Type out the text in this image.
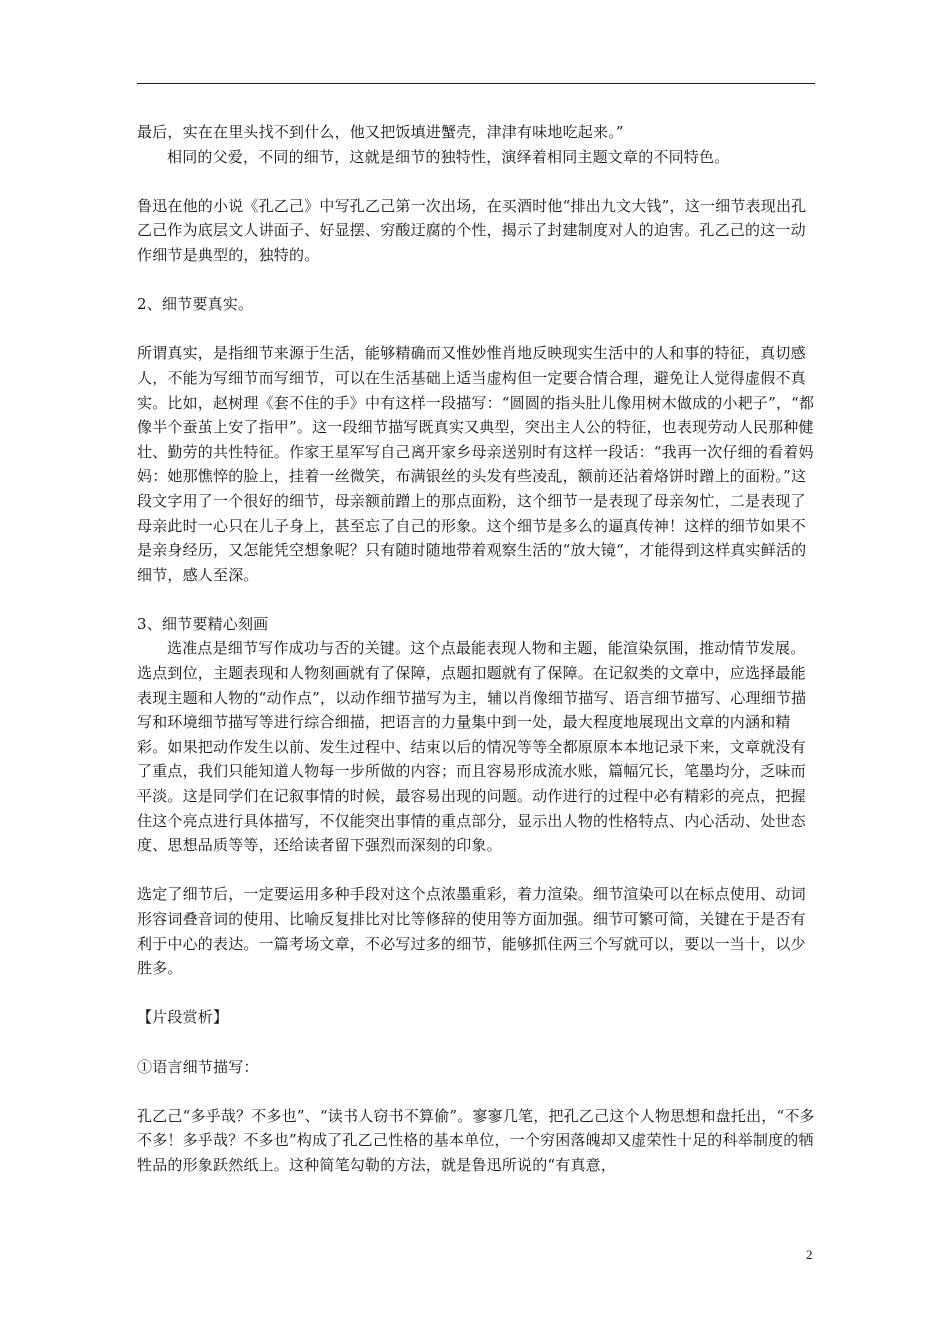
最后，实在在里头找不到什么，他又把饭填进蟹壳，津津有味地吃起来。”

相同的父爱，不同的细节，这就是细节的独特性，演绎着相同主题文章的不同特色。

鲁迅在他的小说《孔乙己》中写孔乙己第一次出场，在买酒时他“排出九文大钱”，这一细节表现出孔乙己作为底层文人讲面子、好显摆、穷酸迂腐的个性，揭示了封建制度对人的迫害。孔乙己的这一动作细节是典型的，独特的。

2、细节要真实。

所谓真实，是指细节来源于生活，能够精确而又惟妙惟肖地反映现实生活中的人和事的特征，真切感人，不能为写细节而写细节，可以在生活基础上适当虚构但一定要合情合理，避免让人觉得虚假不真实。比如，赵树理《套不住的手》中有这样一段描写：“圆圆的指头肚儿像用树木做成的小耙子”，“都像半个蚕茧上安了指甲”。这一段细节描写既真实又典型，突出主人公的特征，也表现劳动人民那种健壮、勤劳的共性特征。作家王星军写自己离开家乡母亲送别时有这样一段话：“我再一次仔细的看着妈妈：她那憔悴的脸上，挂着一丝微笑，布满银丝的头发有些凌乱，额前还沾着烙饼时蹭上的面粉。”这段文字用了一个很好的细节，母亲额前蹭上的那点面粉，这个细节一是表现了母亲匆忙，二是表现了母亲此时一心只在儿子身上，甚至忘了自己的形象。这个细节是多么的逼真传神！这样的细节如果不是亲身经历，又怎能凭空想象呢？只有随时随地带着观察生活的“放大镜“，才能得到这样真实鲜活的细节，感人至深。

3、细节要精心刻画

选准点是细节写作成功与否的关键。这个点最能表现人物和主题，能渲染氛围，推动情节发展。选点到位，主题表现和人物刻画就有了保障，点题扣题就有了保障。在记叙类的文章中，应选择最能表现主题和人物的“动作点”，以动作细节描写为主，辅以肖像细节描写、语言细节描写、心理细节描写和环境细节描写等进行综合细描，把语言的力量集中到一处，最大程度地展现出文章的内涵和精彩。如果把动作发生以前、发生过程中、结束以后的情况等等全都原原本本地记录下来，文章就没有了重点，我们只能知道人物每一步所做的内容；而且容易形成流水账，篇幅冗长，笔墨均分，乏味而平淡。这是同学们在记叙事情的时候，最容易出现的问题。动作进行的过程中必有精彩的亮点，把握住这个亮点进行具体描写，不仅能突出事情的重点部分，显示出人物的性格特点、内心活动、处世态度、思想品质等等，还给读者留下强烈而深刻的印象。

选定了细节后，一定要运用多种手段对这个点浓墨重彩，着力渲染。细节渲染可以在标点使用、动词形容词叠音词的使用、比喻反复排比对比等修辞的使用等方面加强。细节可繁可简，关键在于是否有利于中心的表达。一篇考场文章，不必写过多的细节，能够抓住两三个写就可以，要以一当十，以少胜多。

【片段赏析】

①语言细节描写：

孔乙己“多乎哉？不多也”、“读书人窃书不算偷”。寥寥几笔，把孔乙己这个人物思想和盘托出，“不多不多！多乎哉？不多也”构成了孔乙己性格的基本单位，一个穷困落魄却又虚荣性十足的科举制度的牺牲品的形象跃然纸上。这种简笔勾勒的方法，就是鲁迅所说的“有真意，

2
